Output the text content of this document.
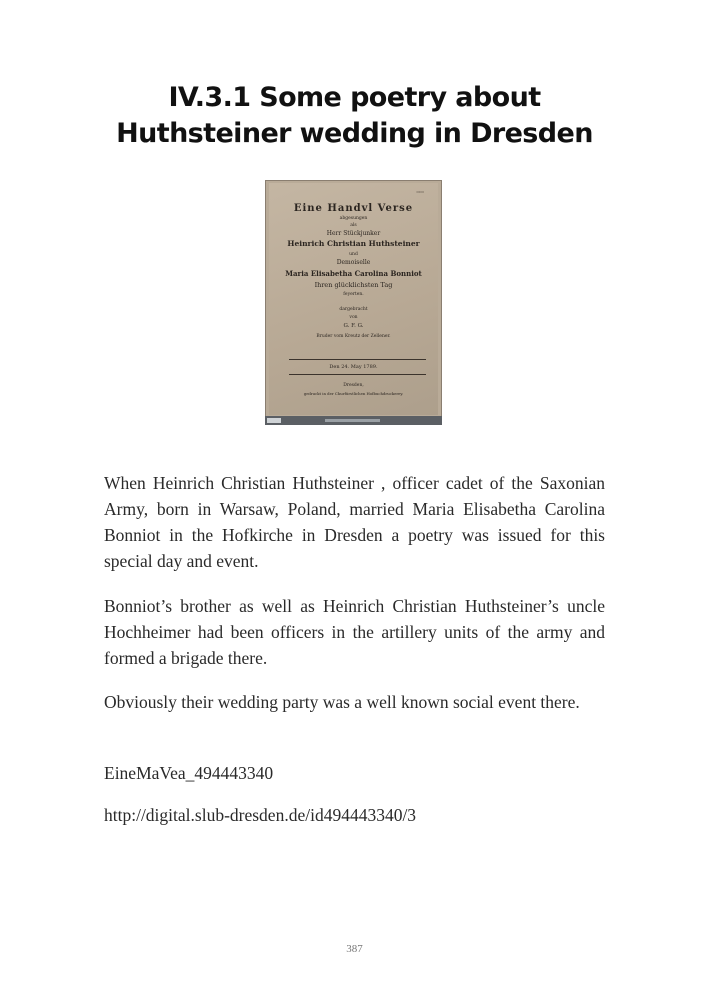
IV.3.1 Some poetry about
Huthsteiner wedding in Dresden
▭▭
Eine Handvl Verse
abgesungen
als
Herr Stückjunker
Heinrich Christian Huthsteiner
und
Demoiselle
Maria Elisabetha Carolina Bonniot
Ihren glücklichsten Tag
feyerten.
dargebracht
von
G. F. G.
Bruder vom Kreutz der Zellener.
Den 24. May 1789.
Dresden,
gedruckt in der Churfürstlichen Hofbuchdruckerey.

When Heinrich Christian Huthsteiner , officer cadet of the Saxonian Army, born in Warsaw, Poland, married Maria Elisabetha Carolina Bonniot in the Hofkirche in Dresden a poetry was issued for this special day and event.

Bonniot’s brother as well as Heinrich Christian Huthsteiner’s uncle Hochheimer had been officers in the artillery units of the army and formed a brigade there.

Obviously their wedding party was a well known social event there.

EineMaVea_494443340

http://digital.slub-dresden.de/id494443340/3

387
